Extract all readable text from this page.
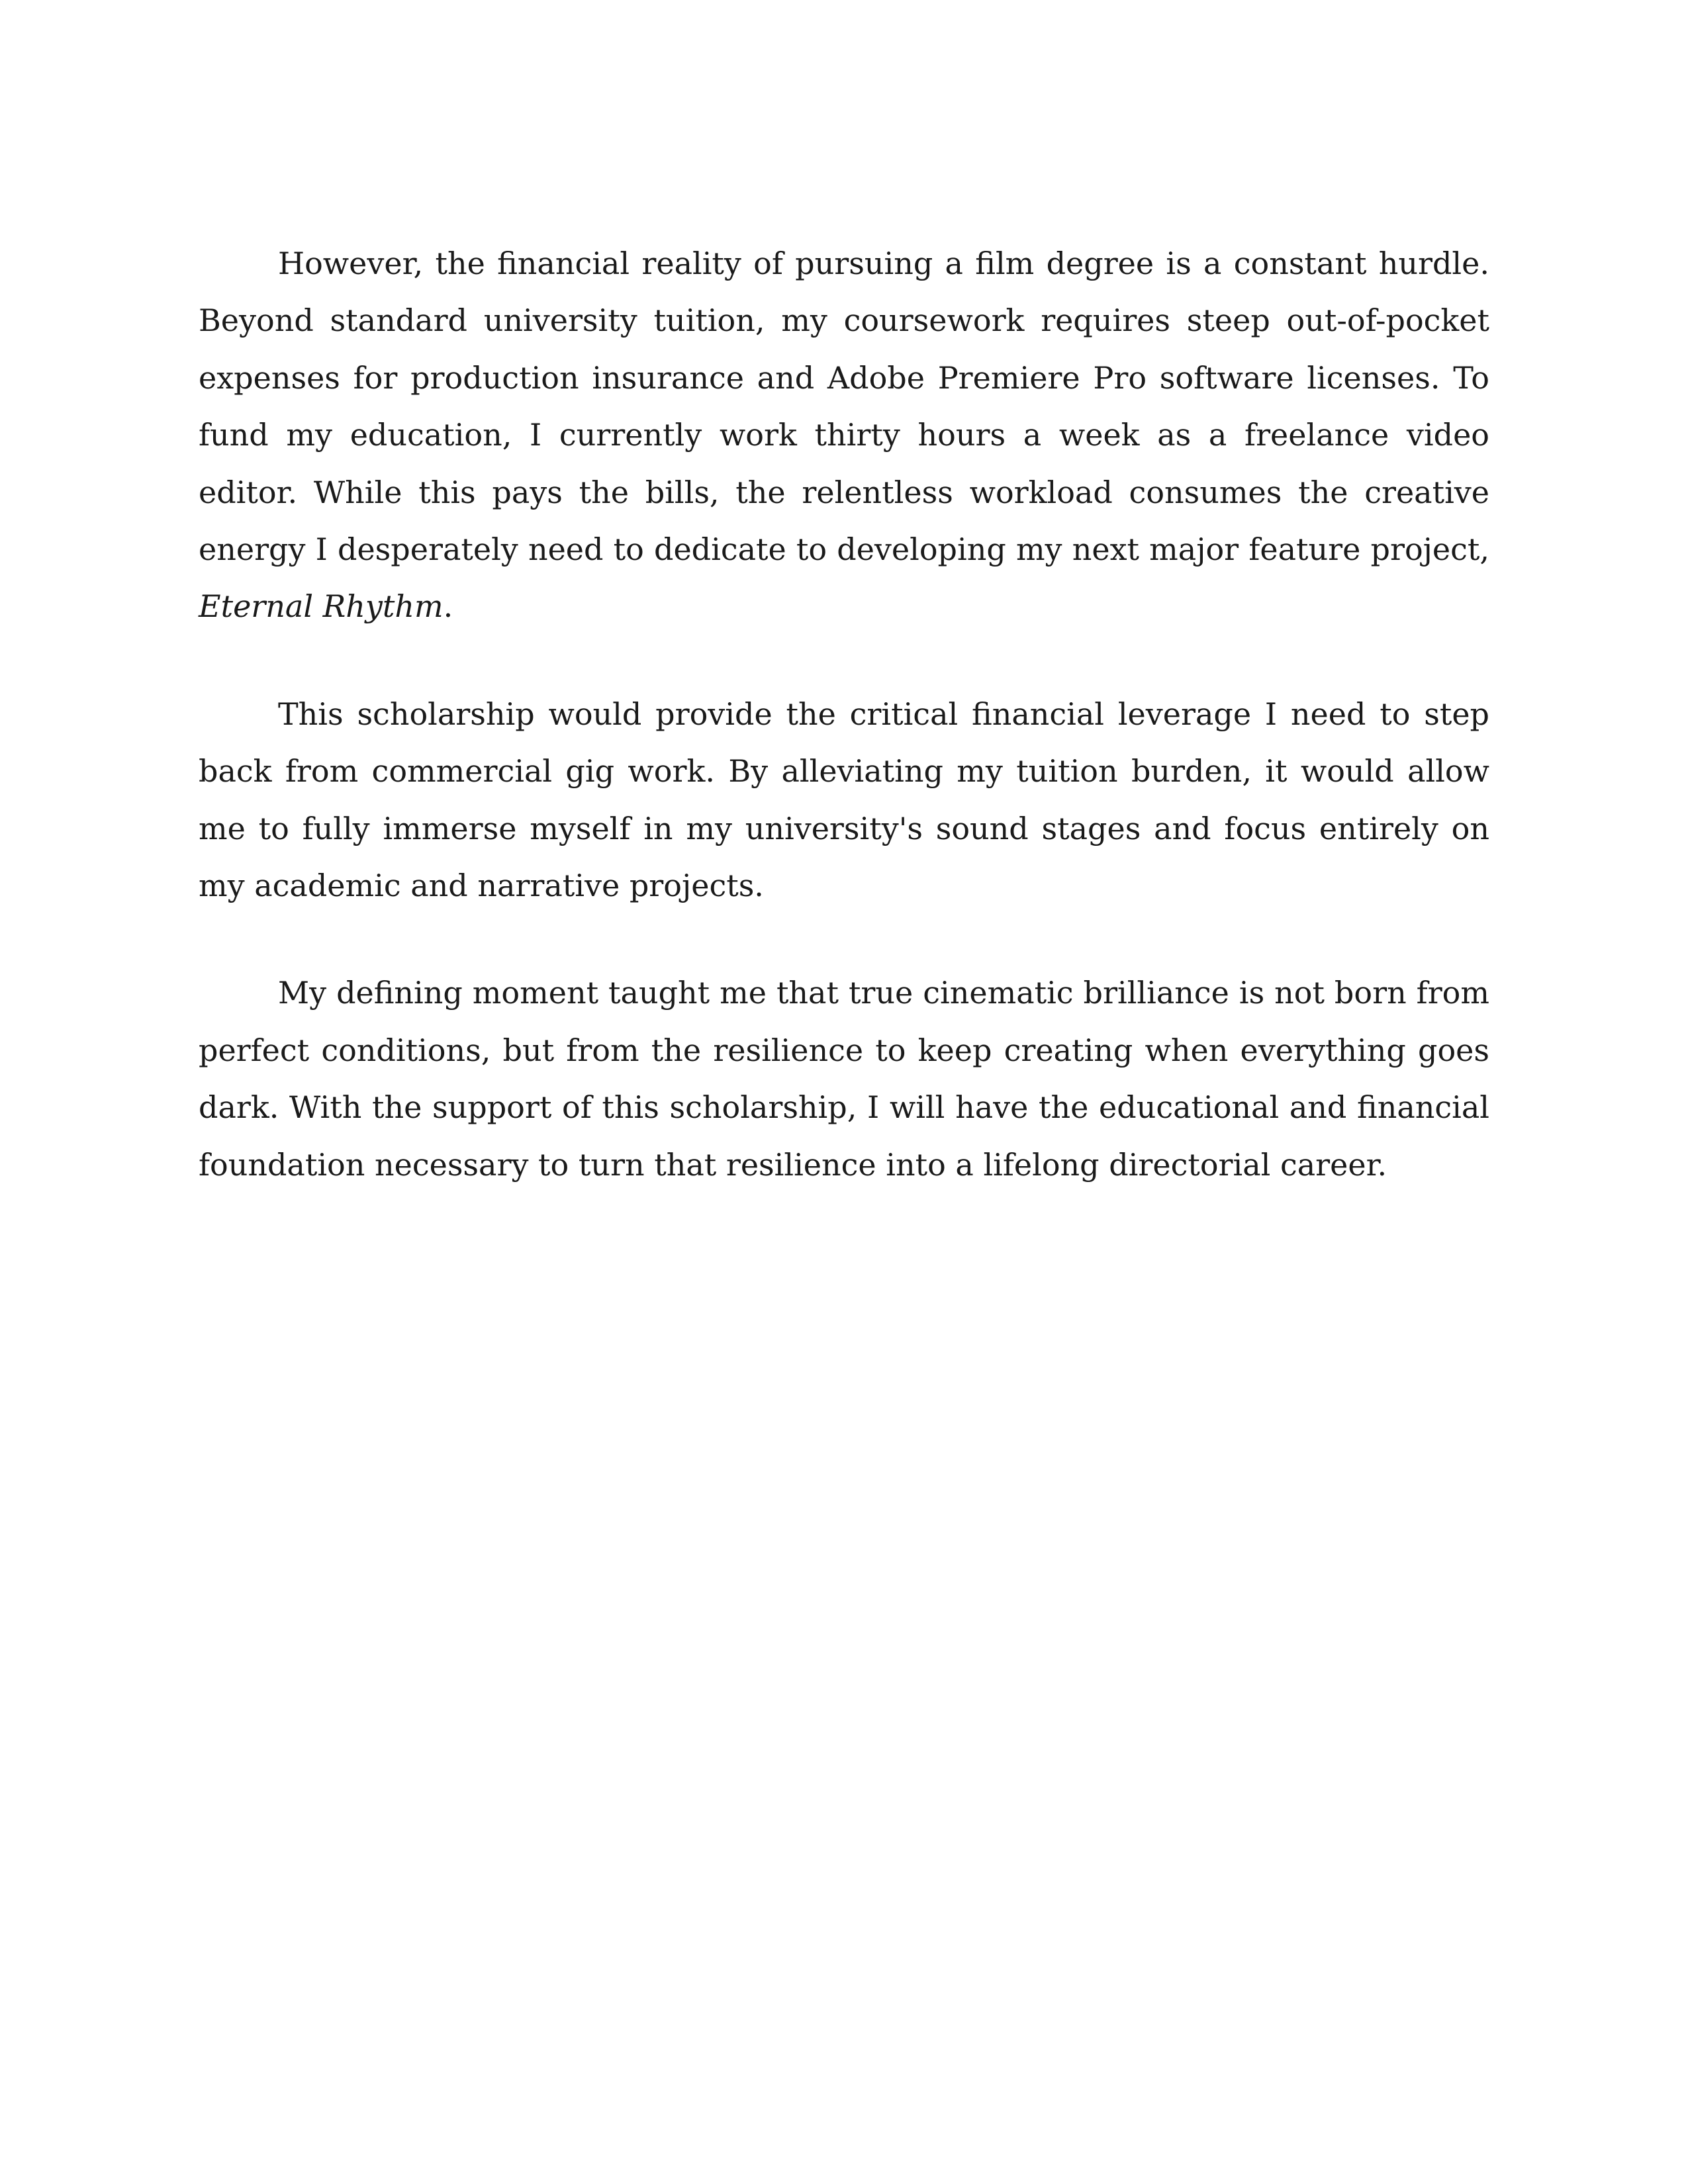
However, the financial reality of pursuing a film degree is a constant hurdle. Beyond standard university tuition, my coursework requires steep out-of-pocket expenses for production insurance and Adobe Premiere Pro software licenses. To fund my education, I currently work thirty hours a week as a freelance video editor. While this pays the bills, the relentless workload consumes the creative energy I desperately need to dedicate to developing my next major feature project, Eternal Rhythm.

This scholarship would provide the critical financial leverage I need to step back from commercial gig work. By alleviating my tuition burden, it would allow me to fully immerse myself in my university's sound stages and focus entirely on my academic and narrative projects.

My defining moment taught me that true cinematic brilliance is not born from perfect conditions, but from the resilience to keep creating when everything goes dark. With the support of this scholarship, I will have the educational and financial foundation necessary to turn that resilience into a lifelong directorial career.
